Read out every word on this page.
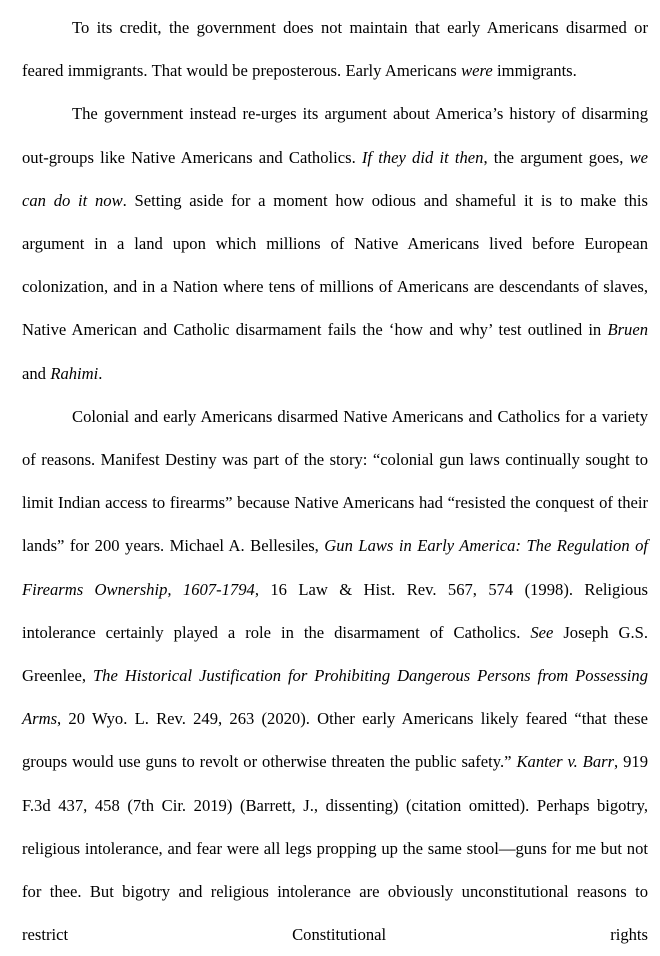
To its credit, the government does not maintain that early Americans disarmed or feared immigrants. That would be preposterous. Early Americans were immigrants.

The government instead re-urges its argument about America’s history of disarming out-groups like Native Americans and Catholics. If they did it then, the argument goes, we can do it now. Setting aside for a moment how odious and shameful it is to make this argument in a land upon which millions of Native Americans lived before European colonization, and in a Nation where tens of millions of Americans are descendants of slaves, Native American and Catholic disarmament fails the ‘how and why’ test outlined in Bruen and Rahimi.

Colonial and early Americans disarmed Native Americans and Catholics for a variety of reasons. Manifest Destiny was part of the story: “colonial gun laws continually sought to limit Indian access to firearms” because Native Americans had “resisted the conquest of their lands” for 200 years. Michael A. Bellesiles, Gun Laws in Early America: The Regulation of Firearms Ownership, 1607-1794, 16 Law & Hist. Rev. 567, 574 (1998). Religious intolerance certainly played a role in the disarmament of Catholics. See Joseph G.S. Greenlee, The Historical Justification for Prohibiting Dangerous Persons from Possessing Arms, 20 Wyo. L. Rev. 249, 263 (2020). Other early Americans likely feared “that these groups would use guns to revolt or otherwise threaten the public safety.” Kanter v. Barr, 919 F.3d 437, 458 (7th Cir. 2019) (Barrett, J., dissenting) (citation omitted). Perhaps bigotry, religious intolerance, and fear were all legs propping up the same stool—guns for me but not for thee. But bigotry and religious intolerance are obviously unconstitutional reasons to restrict Constitutional rights
